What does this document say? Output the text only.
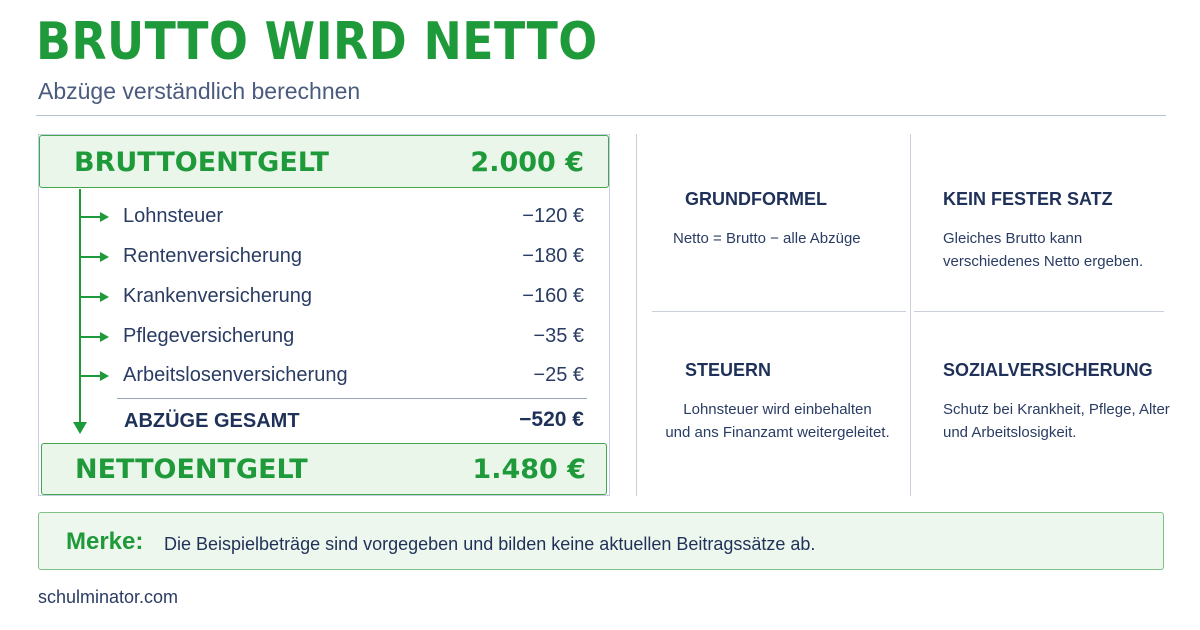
BRUTTO WIRD NETTO
Abzüge verständlich berechnen
BRUTTOENTGELT	2.000 €
Lohnsteuer	−120 €
Rentenversicherung	−180 €
Krankenversicherung	−160 €
Pflegeversicherung	−35 €
Arbeitslosenversicherung	−25 €
ABZÜGE GESAMT	−520 €
NETTOENTGELT	1.480 €
GRUNDFORMEL
Netto = Brutto − alle Abzüge
KEIN FESTER SATZ
Gleiches Brutto kann
verschiedenes Netto ergeben.
STEUERN
Lohnsteuer wird einbehalten
und ans Finanzamt weitergeleitet.
SOZIALVERSICHERUNG
Schutz bei Krankheit, Pflege, Alter
und Arbeitslosigkeit.
Merke: Die Beispielbeträge sind vorgegeben und bilden keine aktuellen Beitragssätze ab.
schulminator.com
